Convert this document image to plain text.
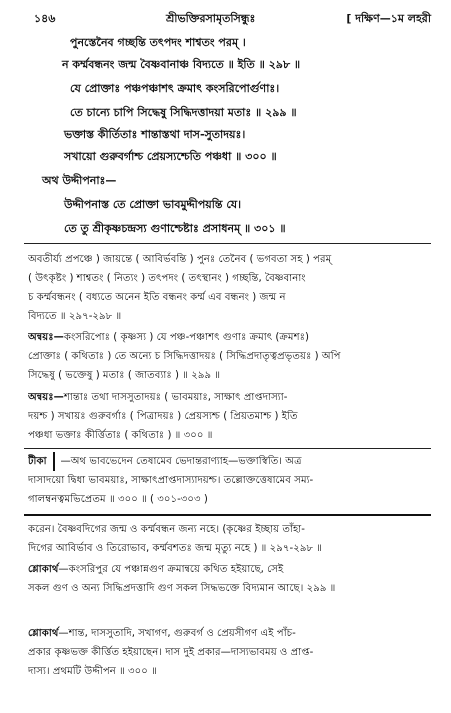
১৪৬	শ্রীভক্তিরসামৃতসিন্ধুঃ	[ দক্ষিণ—১ম লহরী
পুনস্তেনৈব গচ্ছন্তি তৎপদং শাশ্বতং পরম্ ।
ন কর্ম্মবন্ধনং জন্ম বৈষ্ণবানাঞ্চ বিদ্যতে ॥ ইতি ॥ ২৯৮ ॥
যে প্রোক্তাঃ পঞ্চপঞ্চাশৎ ক্রমাৎ কংসরিপোর্গুণাঃ।
তে চান্যে চাপি সিদ্ধেষু সিদ্ধিদত্তাদয়া মতাঃ ॥ ২৯৯ ॥
ভক্তাস্ত কীর্তিতাঃ শান্তাস্তথা দাস-সুতাদয়ঃ।
সখায়ো গুরুবর্গাশ্চ প্রেয়স্যশ্চেতি পঞ্চধা ॥ ৩০০ ॥
অথ উদ্দীপনাঃ—
উদ্দীপনাস্ত তে প্রোক্তা ভাবমুদ্দীপয়ন্তি যে।
তে তু শ্রীকৃষ্ণচন্দ্রস্য গুণাশ্চেষ্টাঃ প্রসাধনম্ ॥ ৩০১ ॥
অবতীর্য্য প্রপঞ্চে ) জায়ন্তে ( আবির্ভবন্তি ) পুনঃ তেনৈব ( ভগবতা সহ ) পরম্
( উৎকৃষ্টং ) শাশ্বতং ( নিত্যং ) তৎপদং ( তৎস্থানং ) গচ্ছন্তি, বৈষ্ণবানাং
চ কর্ম্মবন্ধনং ( বধ্যতে অনেন ইতি বন্ধনং কর্ম্ম এব বন্ধনং ) জন্ম ন
বিদ্যতে ॥ ২৯৭-২৯৮ ॥
অন্বয়ঃ—কংসরিপোঃ ( কৃষ্ণস্য ) যে পঞ্চ-পঞ্চাশৎ গুণাঃ ক্রমাৎ (ক্রমশঃ)
প্রোক্তাঃ ( কথিতাঃ ) তে অন্যে চ সিদ্ধিদত্তাদয়ঃ ( সিদ্ধিপ্রদাতৃত্বপ্রভৃতয়ঃ ) অপি
সিদ্ধেষু ( ভক্তেষু ) মতাঃ ( জাতব্যাঃ ) ॥ ২৯৯ ॥
অন্বয়ঃ—শান্তাঃ তথা দাসসুতাদয়ঃ ( ভাবময়াঃ, সাক্ষাৎ প্রাপ্তদাস্যা-
দয়শ্চ ) সখায়ঃ গুরুবর্গাঃ ( পিত্রাদয়ঃ ) প্রেয়স্যশ্চ ( প্রিয়তমাশ্চ ) ইতি
পঞ্চধা ভক্তাঃ কীর্ত্তিতাঃ ( কথিতাঃ ) ॥ ৩০০ ॥
টীকা —অথ ভাবভেদেন তেষামেব ভেদান্তরাণ্যাহ—ভক্তাস্বিতি। অত্র
দাসাদয়ো দ্বিধা ভাবময়াঃ, সাক্ষাৎপ্রাপ্তদাস্যাদয়শ্চ। তল্লোক্তত্তেষামেব সম্য-
গালম্বনত্বমভিপ্রেতম ॥ ৩০০ ॥ ( ৩০১-৩০৩ )
করেন। বৈষ্ণবদিগের জন্ম ও কর্ম্মবন্ধন জন্য নহে। (কৃষ্ণের ইচ্ছায় তাঁহা-
দিগের আবির্ভাব ও তিরোভাব, কর্ম্মবশতঃ জন্ম মৃত্যু নহে ) ॥ ২৯৭-২৯৮ ॥
শ্লোকার্থ—কংসরিপুর যে পঞ্চান্নগুণ ক্রমান্বয়ে কথিত হইয়াছে, সেই
সকল গুণ ও অন্য সিদ্ধিপ্রদত্তাদি গুণ সকল সিদ্ধভক্তে বিদ্যমান আছে। ২৯৯ ॥
শ্লোকার্থ—শান্ত, দাসসুতাদি, সখাগণ, গুরুবর্গ ও প্রেয়সীগণ এই পাঁচ-
প্রকার কৃষ্ণভক্ত কীর্ত্তিত হইয়াছেন। দাস দুই প্রকার—দাস্যভাবময় ও প্রাপ্ত-
দাস্য। প্রথমটি উদ্দীপন ॥ ৩০০ ॥
